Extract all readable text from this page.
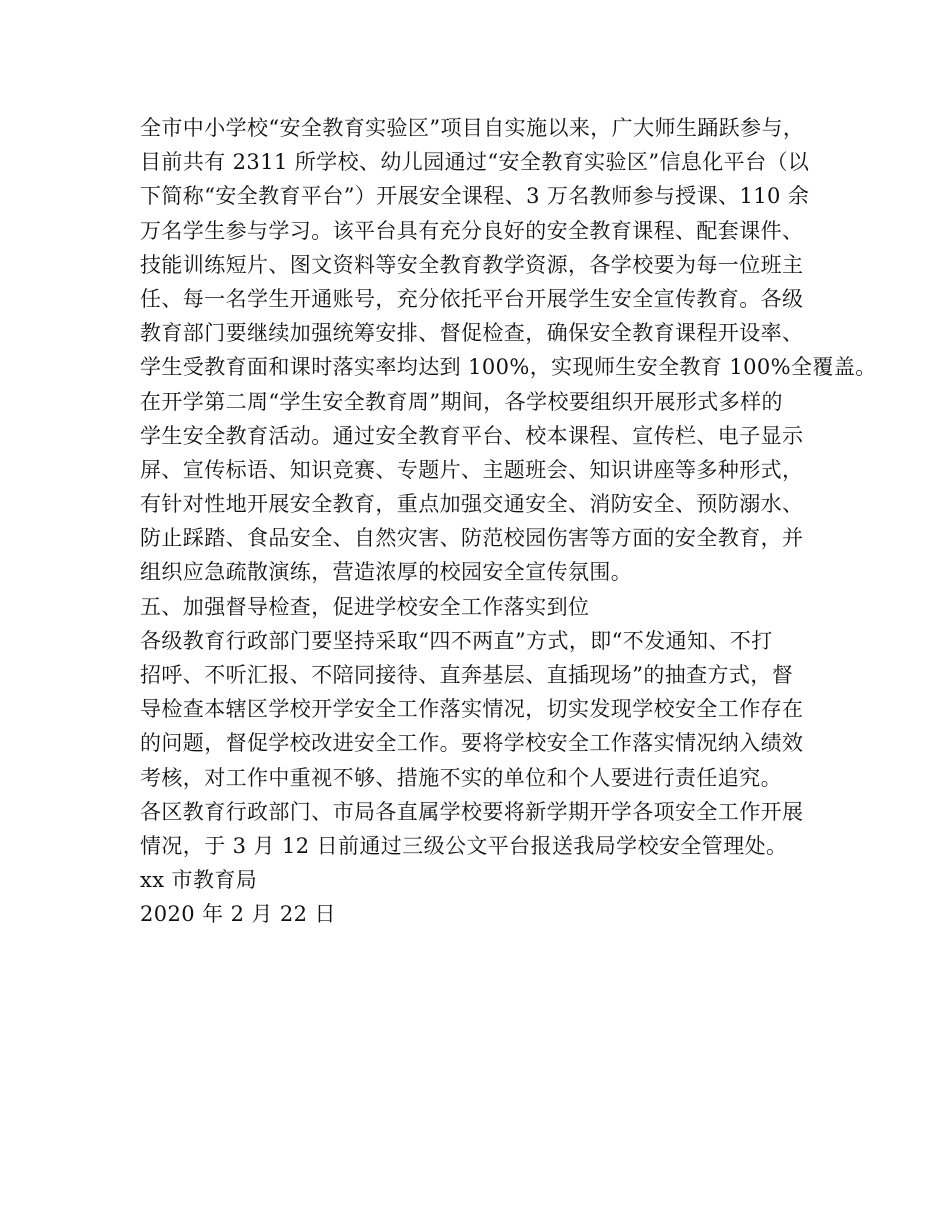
全市中小学校“安全教育实验区”项目自实施以来，广大师生踊跃参与，
目前共有 2311 所学校、幼儿园通过“安全教育实验区”信息化平台（以
下简称“安全教育平台”）开展安全课程、3 万名教师参与授课、110 余
万名学生参与学习。该平台具有充分良好的安全教育课程、配套课件、
技能训练短片、图文资料等安全教育教学资源，各学校要为每一位班主
任、每一名学生开通账号，充分依托平台开展学生安全宣传教育。各级
教育部门要继续加强统筹安排、督促检查，确保安全教育课程开设率、
学生受教育面和课时落实率均达到 100%，实现师生安全教育 100%全覆盖。
在开学第二周“学生安全教育周”期间，各学校要组织开展形式多样的
学生安全教育活动。通过安全教育平台、校本课程、宣传栏、电子显示
屏、宣传标语、知识竞赛、专题片、主题班会、知识讲座等多种形式，
有针对性地开展安全教育，重点加强交通安全、消防安全、预防溺水、
防止踩踏、食品安全、自然灾害、防范校园伤害等方面的安全教育，并
组织应急疏散演练，营造浓厚的校园安全宣传氛围。
五、加强督导检查，促进学校安全工作落实到位
各级教育行政部门要坚持采取“四不两直”方式，即“不发通知、不打
招呼、不听汇报、不陪同接待、直奔基层、直插现场”的抽查方式，督
导检查本辖区学校开学安全工作落实情况，切实发现学校安全工作存在
的问题，督促学校改进安全工作。要将学校安全工作落实情况纳入绩效
考核，对工作中重视不够、措施不实的单位和个人要进行责任追究。
各区教育行政部门、市局各直属学校要将新学期开学各项安全工作开展
情况，于 3 月 12 日前通过三级公文平台报送我局学校安全管理处。
xx 市教育局
2020 年 2 月 22 日
